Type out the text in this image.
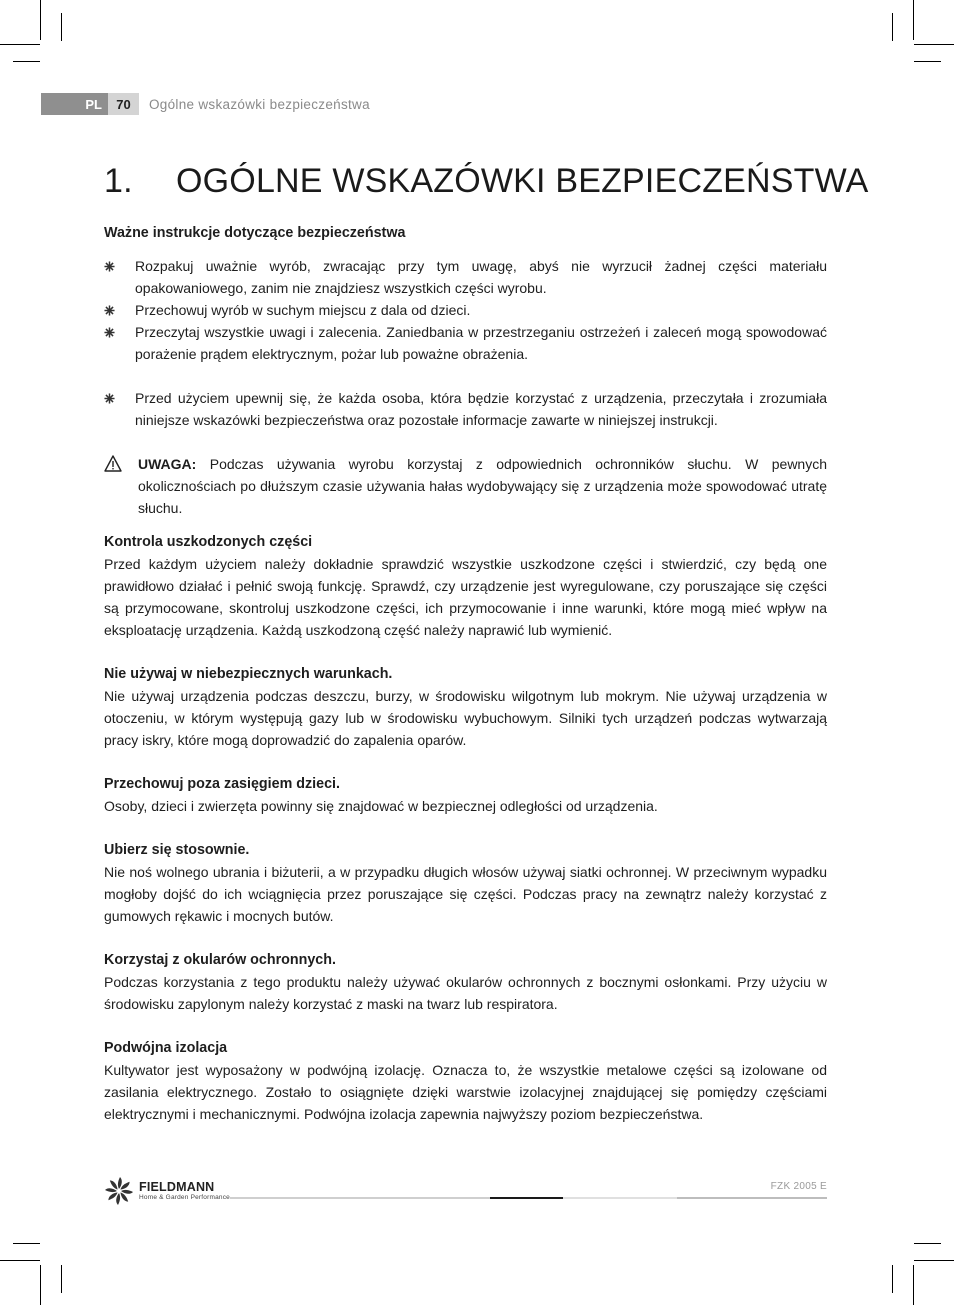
PL	70	Ogólne wskazówki bezpieczeństwa
1. OGÓLNE WSKAZÓWKI BEZPIECZEŃSTWA

Ważne instrukcje dotyczące bezpieczeństwa

Rozpakuj uważnie wyrób, zwracając przy tym uwagę, abyś nie wyrzucił żadnej części materiału opakowaniowego, zanim nie znajdziesz wszystkich części wyrobu.

Przechowuj wyrób w suchym miejscu z dala od dzieci.

Przeczytaj wszystkie uwagi i zalecenia. Zaniedbania w przestrzeganiu ostrzeżeń i zaleceń mogą spowodować porażenie prądem elektrycznym, pożar lub poważne obrażenia.

Przed użyciem upewnij się, że każda osoba, która będzie korzystać z urządzenia, przeczytała i zrozumiała niniejsze wskazówki bezpieczeństwa oraz pozostałe informacje zawarte w niniejszej instrukcji.

UWAGA: Podczas używania wyrobu korzystaj z odpowiednich ochronników słuchu. W pewnych okolicznościach po dłuższym czasie używania hałas wydobywający się z urządzenia może spowodować utratę słuchu.

Kontrola uszkodzonych części

Przed każdym użyciem należy dokładnie sprawdzić wszystkie uszkodzone części i stwierdzić, czy będą one prawidłowo działać i pełnić swoją funkcję. Sprawdź, czy urządzenie jest wyregulowane, czy poruszające się części są przymocowane, skontroluj uszkodzone części, ich przymocowanie i inne warunki, które mogą mieć wpływ na eksploatację urządzenia. Każdą uszkodzoną część należy naprawić lub wymienić.

Nie używaj w niebezpiecznych warunkach.

Nie używaj urządzenia podczas deszczu, burzy, w środowisku wilgotnym lub mokrym. Nie używaj urządzenia w otoczeniu, w którym występują gazy lub w środowisku wybuchowym. Silniki tych urządzeń podczas wytwarzają pracy iskry, które mogą doprowadzić do zapalenia oparów.

Przechowuj poza zasięgiem dzieci.

Osoby, dzieci i zwierzęta powinny się znajdować w bezpiecznej odległości od urządzenia.

Ubierz się stosownie.

Nie noś wolnego ubrania i biżuterii, a w przypadku długich włosów używaj siatki ochronnej. W przeciwnym wypadku mogłoby dojść do ich wciągnięcia przez poruszające się części. Podczas pracy na zewnątrz należy korzystać z gumowych rękawic i mocnych butów.

Korzystaj z okularów ochronnych.

Podczas korzystania z tego produktu należy używać okularów ochronnych z bocznymi osłonkami. Przy użyciu w środowisku zapylonym należy korzystać z maski na twarz lub respiratora.

Podwójna izolacja

Kultywator jest wyposażony w podwójną izolację. Oznacza to, że wszystkie metalowe części są izolowane od zasilania elektrycznego. Zostało to osiągnięte dzięki warstwie izolacyjnej znajdującej się pomiędzy częściami elektrycznymi i mechanicznymi. Podwójna izolacja zapewnia najwyższy poziom bezpieczeństwa.

FIELDMANN
Home & Garden Performance
FZK 2005 E
